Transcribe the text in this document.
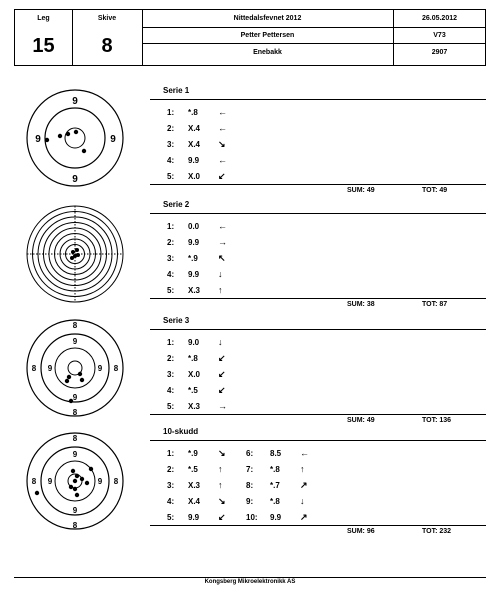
Leg
15
Skive
8
Nittedalsfevnet 2012	26.05.2012
Petter Pettersen	V73
Enebakk	2907
9
9
9	9
8
8
8	8
9
9
9	9
8
8
8	8
9
9
9	9
Serie 1
1: *.8 ←
2: X.4 ←
3: X.4 ↘
4: 9.9 ←
5: X.0 ↙
SUM: 49	TOT: 49
Serie 2
1: 0.0 ←
2: 9.9 →
3: *.9 ↖
4: 9.9 ↓
5: X.3 ↑
SUM: 38	TOT: 87
Serie 3
1: 9.0 ↓
2: *.8 ↙
3: X.0 ↙
4: *.5 ↙
5: X.3 →
SUM: 49	TOT: 136
10-skudd
1: *.9 ↘
2: *.5 ↑
3: X.3 ↑
4: X.4 ↘
5: 9.9 ↙
6: 8.5 ←
7: *.8 ↑
8: *.7 ↗
9: *.8 ↓
10: 9.9 ↗
SUM: 96	TOT: 232
Kongsberg Mikroelektronikk AS
